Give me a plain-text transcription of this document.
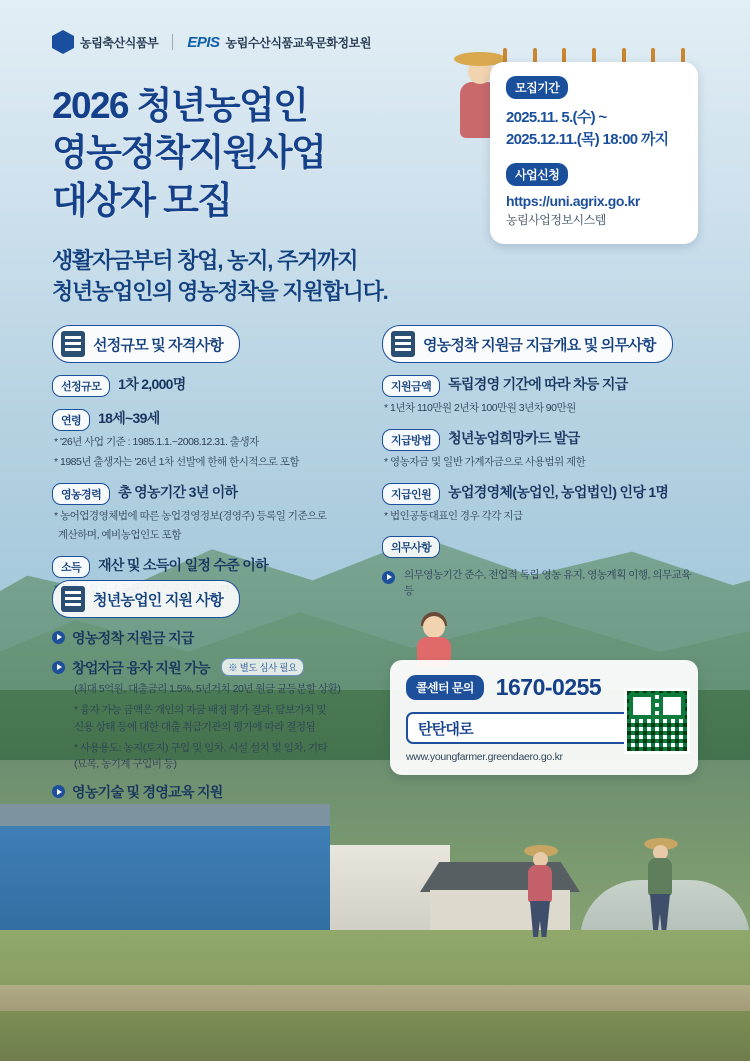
농림축산식품부 EPIS 농림수산식품교육문화정보원
2026 청년농업인
영농정착지원사업
대상자 모집
생활자금부터 창업, 농지, 주거까지
청년농업인의 영농정착을 지원합니다.
모집기간
2025.11. 5.(수) ~
2025.12.11.(목) 18:00 까지
사업신청
https://uni.agrix.go.kr
농림사업정보시스템
선정규모 및 자격사항
선정규모	1차 2,000명
연령	18세~39세
* '26년 사업 기준 : 1985.1.1.~2008.12.31. 출생자
* 1985년 출생자는 '26년 1차 선발에 한해 한시적으로 포함
영농경력	총 영농기간 3년 이하
* 농어업경영체법에 따른 농업경영정보(경영주) 등록일 기준으로
계산하며, 예비농업인도 포함
소득	재산 및 소득이 일정 수준 이하
영농정착 지원금 지급개요 및 의무사항
지원금액	독립경영 기간에 따라 차등 지급
* 1년차 110만원 2년차 100만원 3년차 90만원
지급방법	청년농업희망카드 발급
* 영농자금 및 일반 가계자금으로 사용범위 제한
지급인원	농업경영체(농업인, 농업법인) 인당 1명
* 법인공동대표인 경우 각각 지급
의무사항
의무영농기간 준수, 전업적 독립 영농 유지, 영농계획 이행, 의무교육 등
청년농업인 지원 사항
영농정착 지원금 지급
창업자금 융자 지원 가능 ※ 별도 심사 필요
(최대 5억원, 대출금리 1.5%, 5년거치 20년 원금 균등분할 상환)
* 융자 가능 금액은 개인의 자금 배정 평가 결과, 담보가치 및
신용 상태 등에 대한 대출 취급기관의 평가에 따라 결정됨
* 사용용도: 농지(토지) 구입 및 임차, 시설 설치 및 임차, 기타
(묘목, 농기계 구입비 등)
영농기술 및 경영교육 지원
콜센터 문의 1670-0255
탄탄대로
www.youngfarmer.greendaero.go.kr
